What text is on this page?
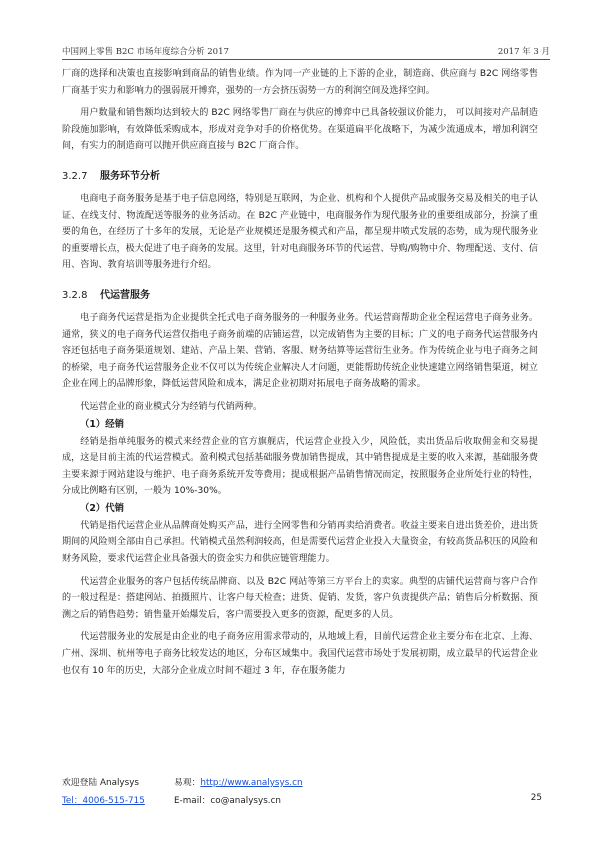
中国网上零售 B2C 市场年度综合分析 2017	2017 年 3 月

厂商的选择和决策也直接影响到商品的销售业绩。作为同一产业链的上下游的企业，制造商、供应商与 B2C 网络零售厂商基于实力和影响力的强弱展开博弈，强势的一方会挤压弱势一方的利润空间及选择空间。

用户数量和销售额均达到较大的 B2C 网络零售厂商在与供应的博弈中已具备较强议价能力， 可以间接对产品制造阶段施加影响，有效降低采购成本，形成对竞争对手的价格优势。在渠道扁平化战略下，为减少流通成本，增加利润空间，有实力的制造商可以抛开供应商直接与 B2C 厂商合作。

3.2.7	服务环节分析

电商电子商务服务是基于电子信息网络，特别是互联网，为企业、机构和个人提供产品或服务交易及相关的电子认证、在线支付、物流配送等服务的业务活动。在 B2C 产业链中，电商服务作为现代服务业的重要组成部分，扮演了重要的角色，在经历了十多年的发展，无论是产业规模还是服务模式和产品，都呈现井喷式发展的态势，成为现代服务业的重要增长点，极大促进了电子商务的发展。这里，针对电商服务环节的代运营、导购/购物中介、物理配送、支付、信用、咨询、教育培训等服务进行介绍。

3.2.8	代运营服务

电子商务代运营是指为企业提供全托式电子商务服务的一种服务业务。代运营商帮助企业全程运营电子商务业务。通常，狭义的电子商务代运营仅指电子商务前端的店铺运营，以完成销售为主要的目标；广义的电子商务代运营服务内容还包括电子商务渠道规划、建站、产品上架、营销、客服、财务结算等运营衍生业务。作为传统企业与电子商务之间的桥梁，电子商务代运营服务企业不仅可以为传统企业解决人才问题，更能帮助传统企业快速建立网络销售渠道，树立企业在网上的品牌形象，降低运营风险和成本，满足企业初期对拓展电子商务战略的需求。

代运营企业的商业模式分为经销与代销两种。

（1）经销

经销是指单纯服务的模式来经营企业的官方旗舰店，代运营企业投入少，风险低，卖出货品后收取佣金和交易提成，这是目前主流的代运营模式。盈利模式包括基础服务费加销售提成，其中销售提成是主要的收入来源，基础服务费主要来源于网站建设与维护、电子商务系统开发等费用；提成根据产品销售情况而定，按照服务企业所处行业的特性，分成比例略有区别，一般为 10%-30%。

（2）代销

代销是指代运营企业从品牌商处购买产品，进行全网零售和分销再卖给消费者。收益主要来自进出货差价，进出货期间的风险则全部由自己承担。代销模式虽然利润较高，但是需要代运营企业投入大量资金，有较高货品积压的风险和财务风险，要求代运营企业具备强大的资金实力和供应链管理能力。

代运营企业服务的客户包括传统品牌商、以及 B2C 网站等第三方平台上的卖家。典型的店铺代运营商与客户合作的一般过程是：搭建网站、拍摄照片、让客户每天检查；进货、促销、发货，客户负责提供产品；销售后分析数据、预测之后的销售趋势；销售量开始爆发后，客户需要投入更多的资源，配更多的人员。

代运营服务业的发展是由企业的电子商务应用需求带动的，从地域上看，目前代运营企业主要分布在北京、上海、广州、深圳、杭州等电子商务比较发达的地区，分布区域集中。我国代运营市场处于发展初期，成立最早的代运营企业也仅有 10 年的历史，大部分企业成立时间不超过 3 年，存在服务能力

欢迎登陆 Analysys	易观：http://www.analysys.cn
Tel：4006-515-715	E-mail：co@analysys.cn	25
